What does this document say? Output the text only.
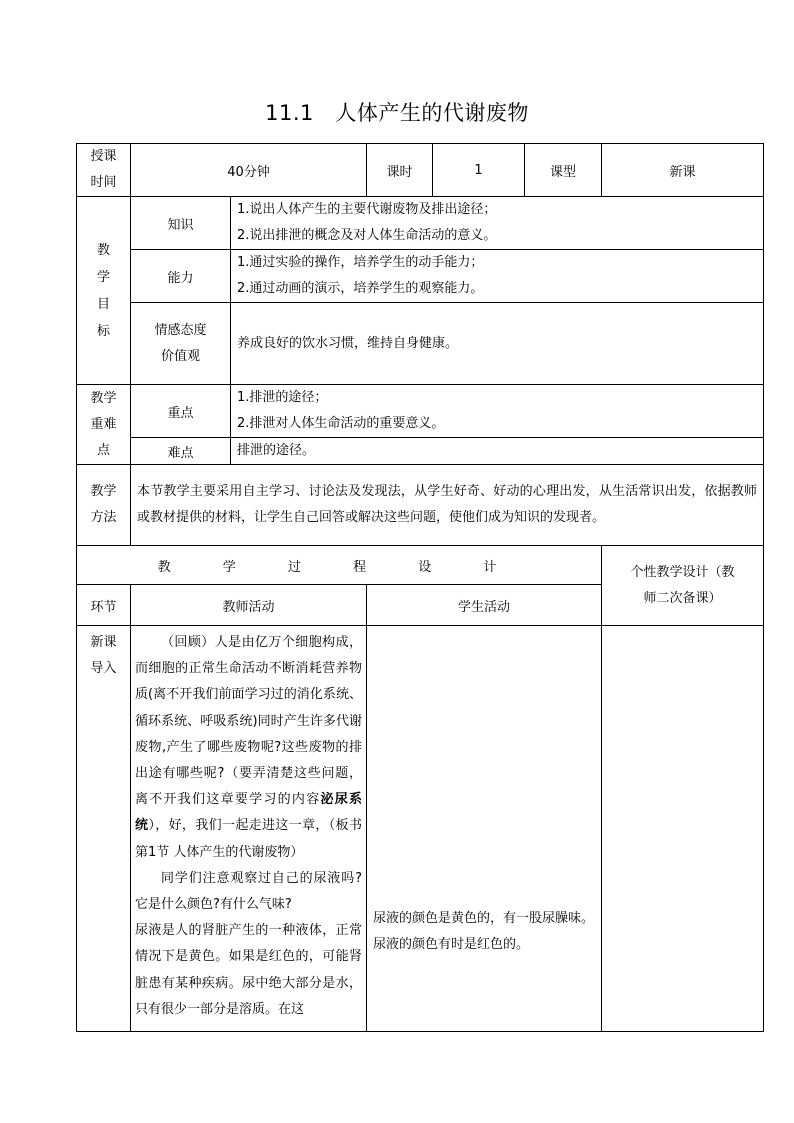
11.1　人体产生的代谢废物
授课时间	40分钟		课时	1	课型	新课
教学目标	知识	1.说出人体产生的主要代谢废物及排出途径；
2.说出排泄的概念及对人体生命活动的意义。				

	能力	1.通过实验的操作，培养学生的动手能力；
2.通过动画的演示，培养学生的观察能力。				

	情感态度价值观	养成良好的饮水习惯，维持自身健康。				
教学重难点	重点	1.排泄的途径；
2.排泄对人体生命活动的重要意义。				

	难点	排泄的途径。				
教学方法	本节教学主要采用自主学习、讨论法及发现法，从学生好奇、好动的心理出发，从生活常识出发，依据教师或教材提供的材料，让学生自己回答或解决这些问题，使他们成为知识的发现者。					
教 学 过 程 设 计						个性教学设计（教师二次备课）
环节	教师活动		学生活动			
新课导入	（回顾）人是由亿万个细胞构成，而细胞的正常生命活动不断消耗营养物质(离不开我们前面学习过的消化系统、循环系统、呼吸系统)同时产生许多代谢废物,产生了哪些废物呢?这些废物的排出途有哪些呢?（要弄清楚这些问题，离不开我们这章要学习的内容泌尿系统），好，我们一起走进这一章，（板书 第1节 人体产生的代谢废物）
同学们注意观察过自己的尿液吗?它是什么颜色?有什么气味?
尿液是人的肾脏产生的一种液体，正常情况下是黄色。如果是红色的，可能肾脏患有某种疾病。尿中绝大部分是水，只有很少一部分是溶质。在这		尿液的颜色是黄色的，有一股尿臊味。
尿液的颜色有时是红色的。			
